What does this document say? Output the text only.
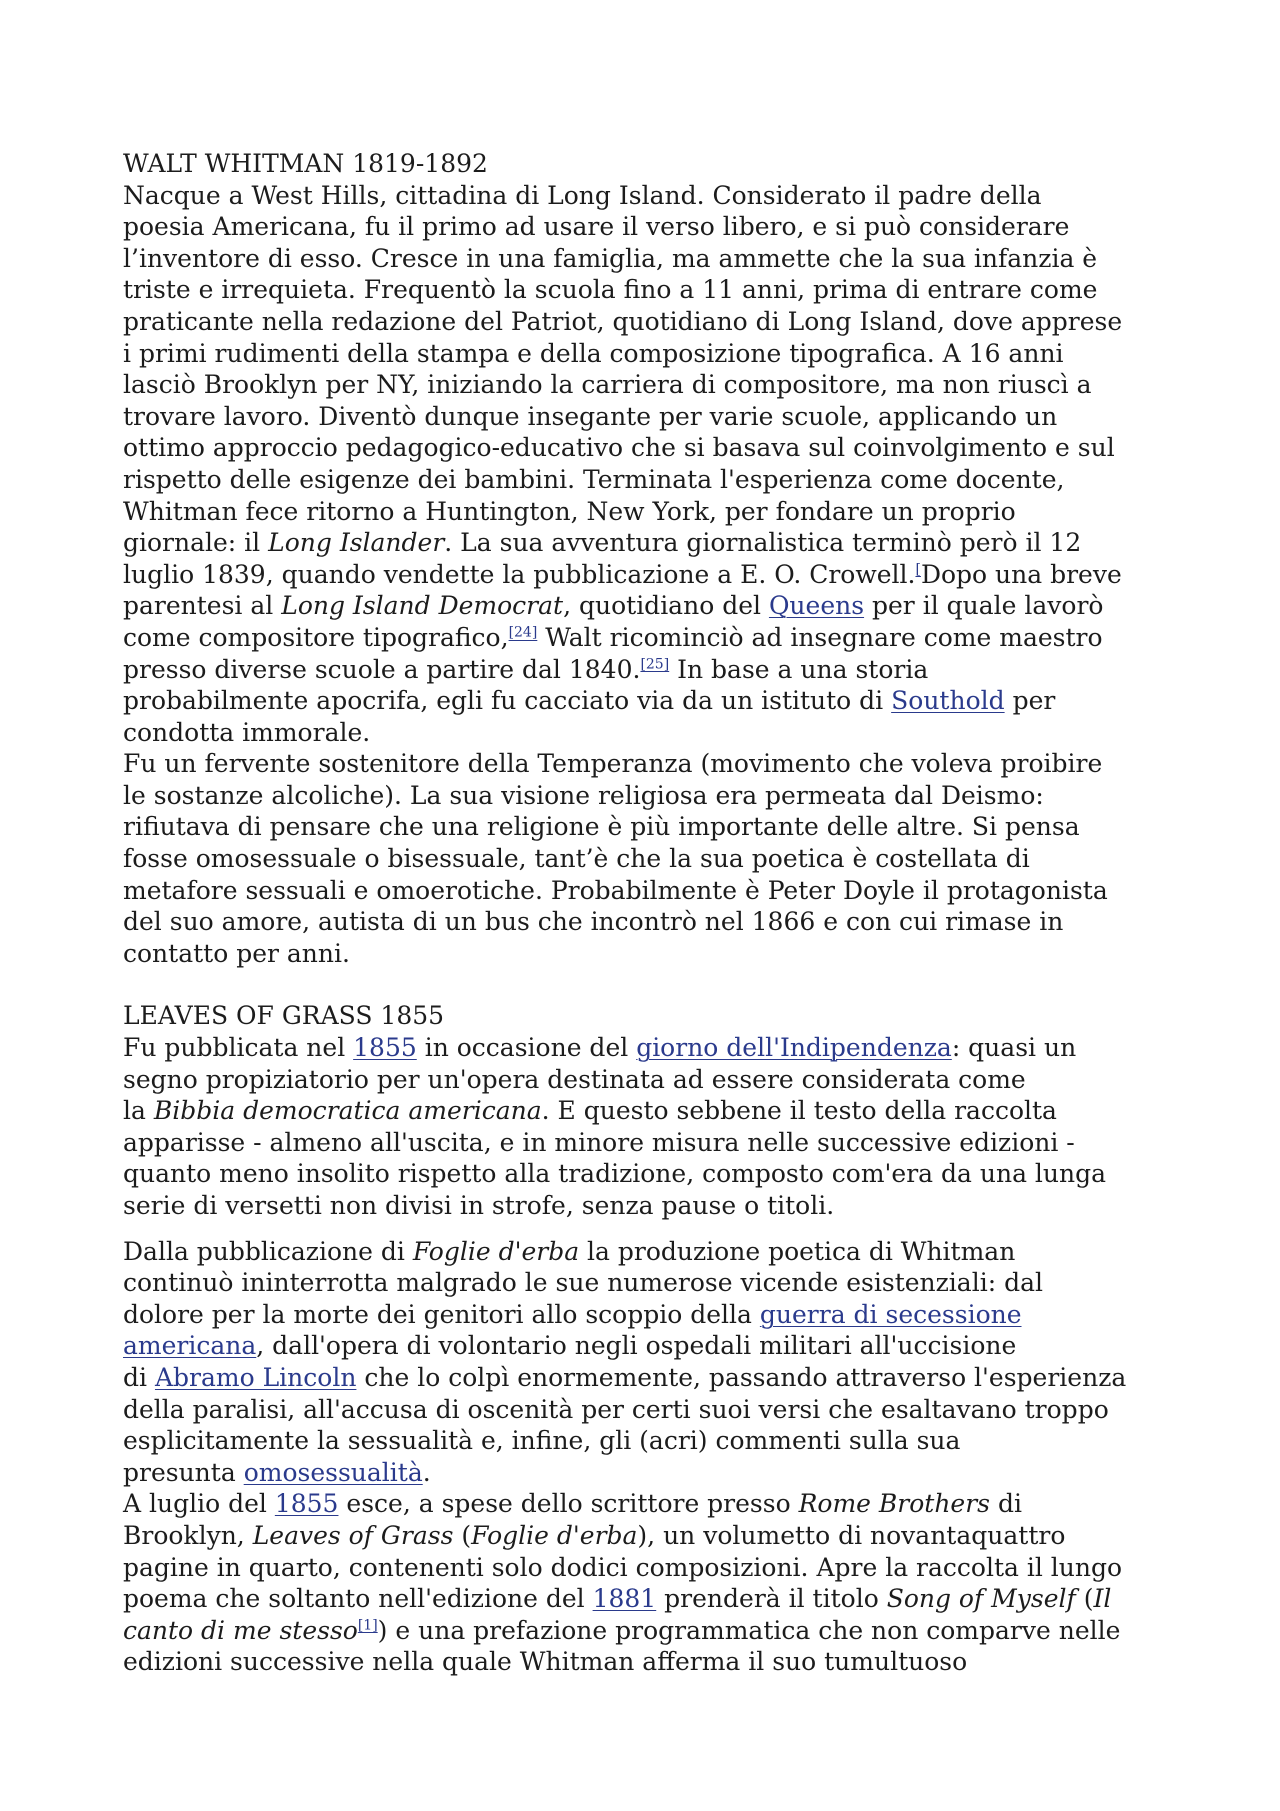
WALT WHITMAN 1819-1892

Nacque a West Hills, cittadina di Long Island. Considerato il padre della

poesia Americana, fu il primo ad usare il verso libero, e si può considerare

l’inventore di esso. Cresce in una famiglia, ma ammette che la sua infanzia è

triste e irrequieta. Frequentò la scuola fino a 11 anni, prima di entrare come

praticante nella redazione del Patriot, quotidiano di Long Island, dove apprese

i primi rudimenti della stampa e della composizione tipografica. A 16 anni

lasciò Brooklyn per NY, iniziando la carriera di compositore, ma non riuscì a

trovare lavoro. Diventò dunque insegante per varie scuole, applicando un

ottimo approccio pedagogico-educativo che si basava sul coinvolgimento e sul

rispetto delle esigenze dei bambini. Terminata l'esperienza come docente,

Whitman fece ritorno a Huntington, New York, per fondare un proprio

giornale: il Long Islander. La sua avventura giornalistica terminò però il 12

luglio 1839, quando vendette la pubblicazione a E. O. Crowell.[Dopo una breve

parentesi al Long Island Democrat, quotidiano del Queens per il quale lavorò

come compositore tipografico,[24] Walt ricominciò ad insegnare come maestro

presso diverse scuole a partire dal 1840.[25] In base a una storia

probabilmente apocrifa, egli fu cacciato via da un istituto di Southold per

condotta immorale.

Fu un fervente sostenitore della Temperanza (movimento che voleva proibire

le sostanze alcoliche). La sua visione religiosa era permeata dal Deismo:

rifiutava di pensare che una religione è più importante delle altre. Si pensa

fosse omosessuale o bisessuale, tant’è che la sua poetica è costellata di

metafore sessuali e omoerotiche. Probabilmente è Peter Doyle il protagonista

del suo amore, autista di un bus che incontrò nel 1866 e con cui rimase in

contatto per anni.

LEAVES OF GRASS 1855

Fu pubblicata nel 1855 in occasione del giorno dell'Indipendenza: quasi un

segno propiziatorio per un'opera destinata ad essere considerata come

la Bibbia democratica americana. E questo sebbene il testo della raccolta

apparisse - almeno all'uscita, e in minore misura nelle successive edizioni -

quanto meno insolito rispetto alla tradizione, composto com'era da una lunga

serie di versetti non divisi in strofe, senza pause o titoli.

Dalla pubblicazione di Foglie d'erba la produzione poetica di Whitman

continuò ininterrotta malgrado le sue numerose vicende esistenziali: dal

dolore per la morte dei genitori allo scoppio della guerra di secessione

americana, dall'opera di volontario negli ospedali militari all'uccisione

di Abramo Lincoln che lo colpì enormemente, passando attraverso l'esperienza

della paralisi, all'accusa di oscenità per certi suoi versi che esaltavano troppo

esplicitamente la sessualità e, infine, gli (acri) commenti sulla sua

presunta omosessualità.

A luglio del 1855 esce, a spese dello scrittore presso Rome Brothers di

Brooklyn, Leaves of Grass (Foglie d'erba), un volumetto di novantaquattro

pagine in quarto, contenenti solo dodici composizioni. Apre la raccolta il lungo

poema che soltanto nell'edizione del 1881 prenderà il titolo Song of Myself (Il

canto di me stesso[1]) e una prefazione programmatica che non comparve nelle

edizioni successive nella quale Whitman afferma il suo tumultuoso
